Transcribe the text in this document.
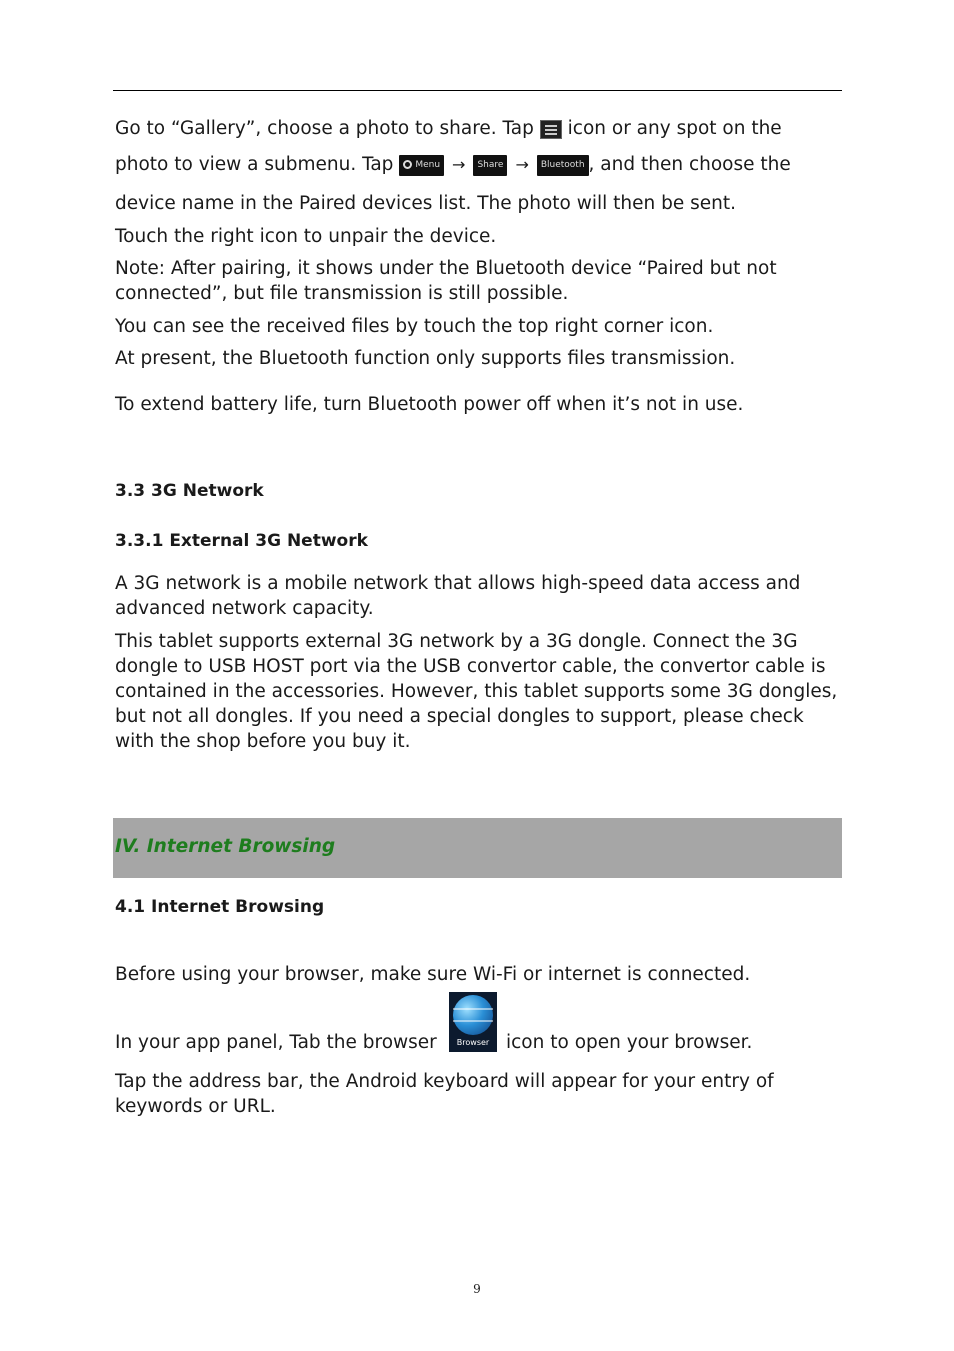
Go to “Gallery”, choose a photo to share. Tap icon or any spot on the

photo to view a submenu. Tap Menu → Share → Bluetooth , and then choose the

device name in the Paired devices list. The photo will then be sent.

Touch the right icon to unpair the device.

Note: After pairing, it shows under the Bluetooth device “Paired but not connected”, but file transmission is still possible.

You can see the received files by touch the top right corner icon.

At present, the Bluetooth function only supports files transmission.

To extend battery life, turn Bluetooth power off when it’s not in use.

3.3 3G Network

3.3.1 External 3G Network

A 3G network is a mobile network that allows high-speed data access and advanced network capacity.

This tablet supports external 3G network by a 3G dongle. Connect the 3G dongle to USB HOST port via the USB convertor cable, the convertor cable is contained in the accessories. However, this tablet supports some 3G dongles, but not all dongles. If you need a special dongles to support, please check with the shop before you buy it.

IV. Internet Browsing

4.1 Internet Browsing

Before using your browser, make sure Wi-Fi or internet is connected.

In your app panel, Tab the browser	Browser icon to open your browser.

Tap the address bar, the Android keyboard will appear for your entry of keywords or URL.

9
